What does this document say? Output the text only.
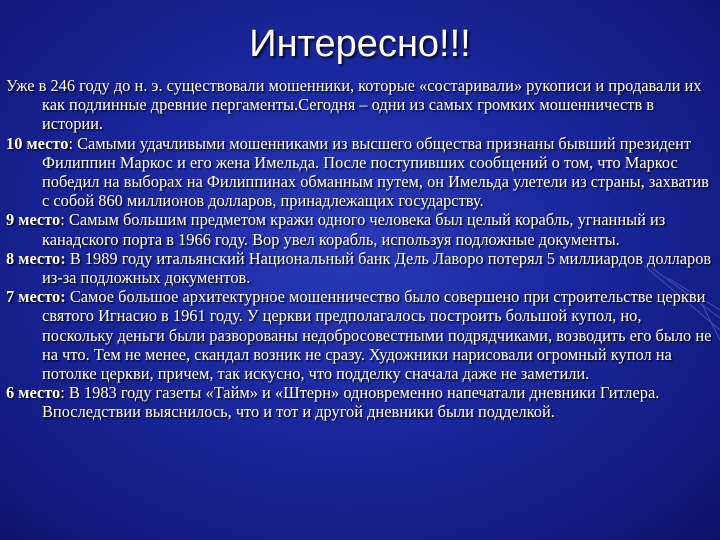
Интересно!!!

Уже в 246 году до н. э. существовали мошенники, которые «состаривали» рукописи и продавали их как подлинные древние пергаменты.Сегодня – одни из самых громких мошенничеств в истории.

10 место: Самыми удачливыми мошенниками из высшего общества признаны бывший президент Филиппин Маркос и его жена Имельда. После поступивших сообщений о том, что Маркос победил на выборах на Филиппинах обманным путем, он Имельда улетели из страны, захватив с собой 860 миллионов долларов, принадлежащих государству.

9 место: Самым большим предметом кражи одного человека был целый корабль, угнанный из канадского порта в 1966 году. Вор увел корабль, используя подложные документы.

8 место: В 1989 году итальянский Национальный банк Дель Лаворо потерял 5 миллиардов долларов из-за подложных документов.

7 место: Самое большое архитектурное мошенничество было совершено при строительстве церкви святого Игнасио в 1961 году. У церкви предполагалось построить большой купол, но, поскольку деньги были разворованы недобросовестными подрядчиками, возводить его было не на что. Тем не менее, скандал возник не сразу. Художники нарисовали огромный купол на потолке церкви, причем, так искусно, что подделку сначала даже не заметили.

6 место: В 1983 году газеты «Тайм» и «Штерн» одновременно напечатали дневники Гитлера. Впоследствии выяснилось, что и тот и другой дневники были подделкой.
